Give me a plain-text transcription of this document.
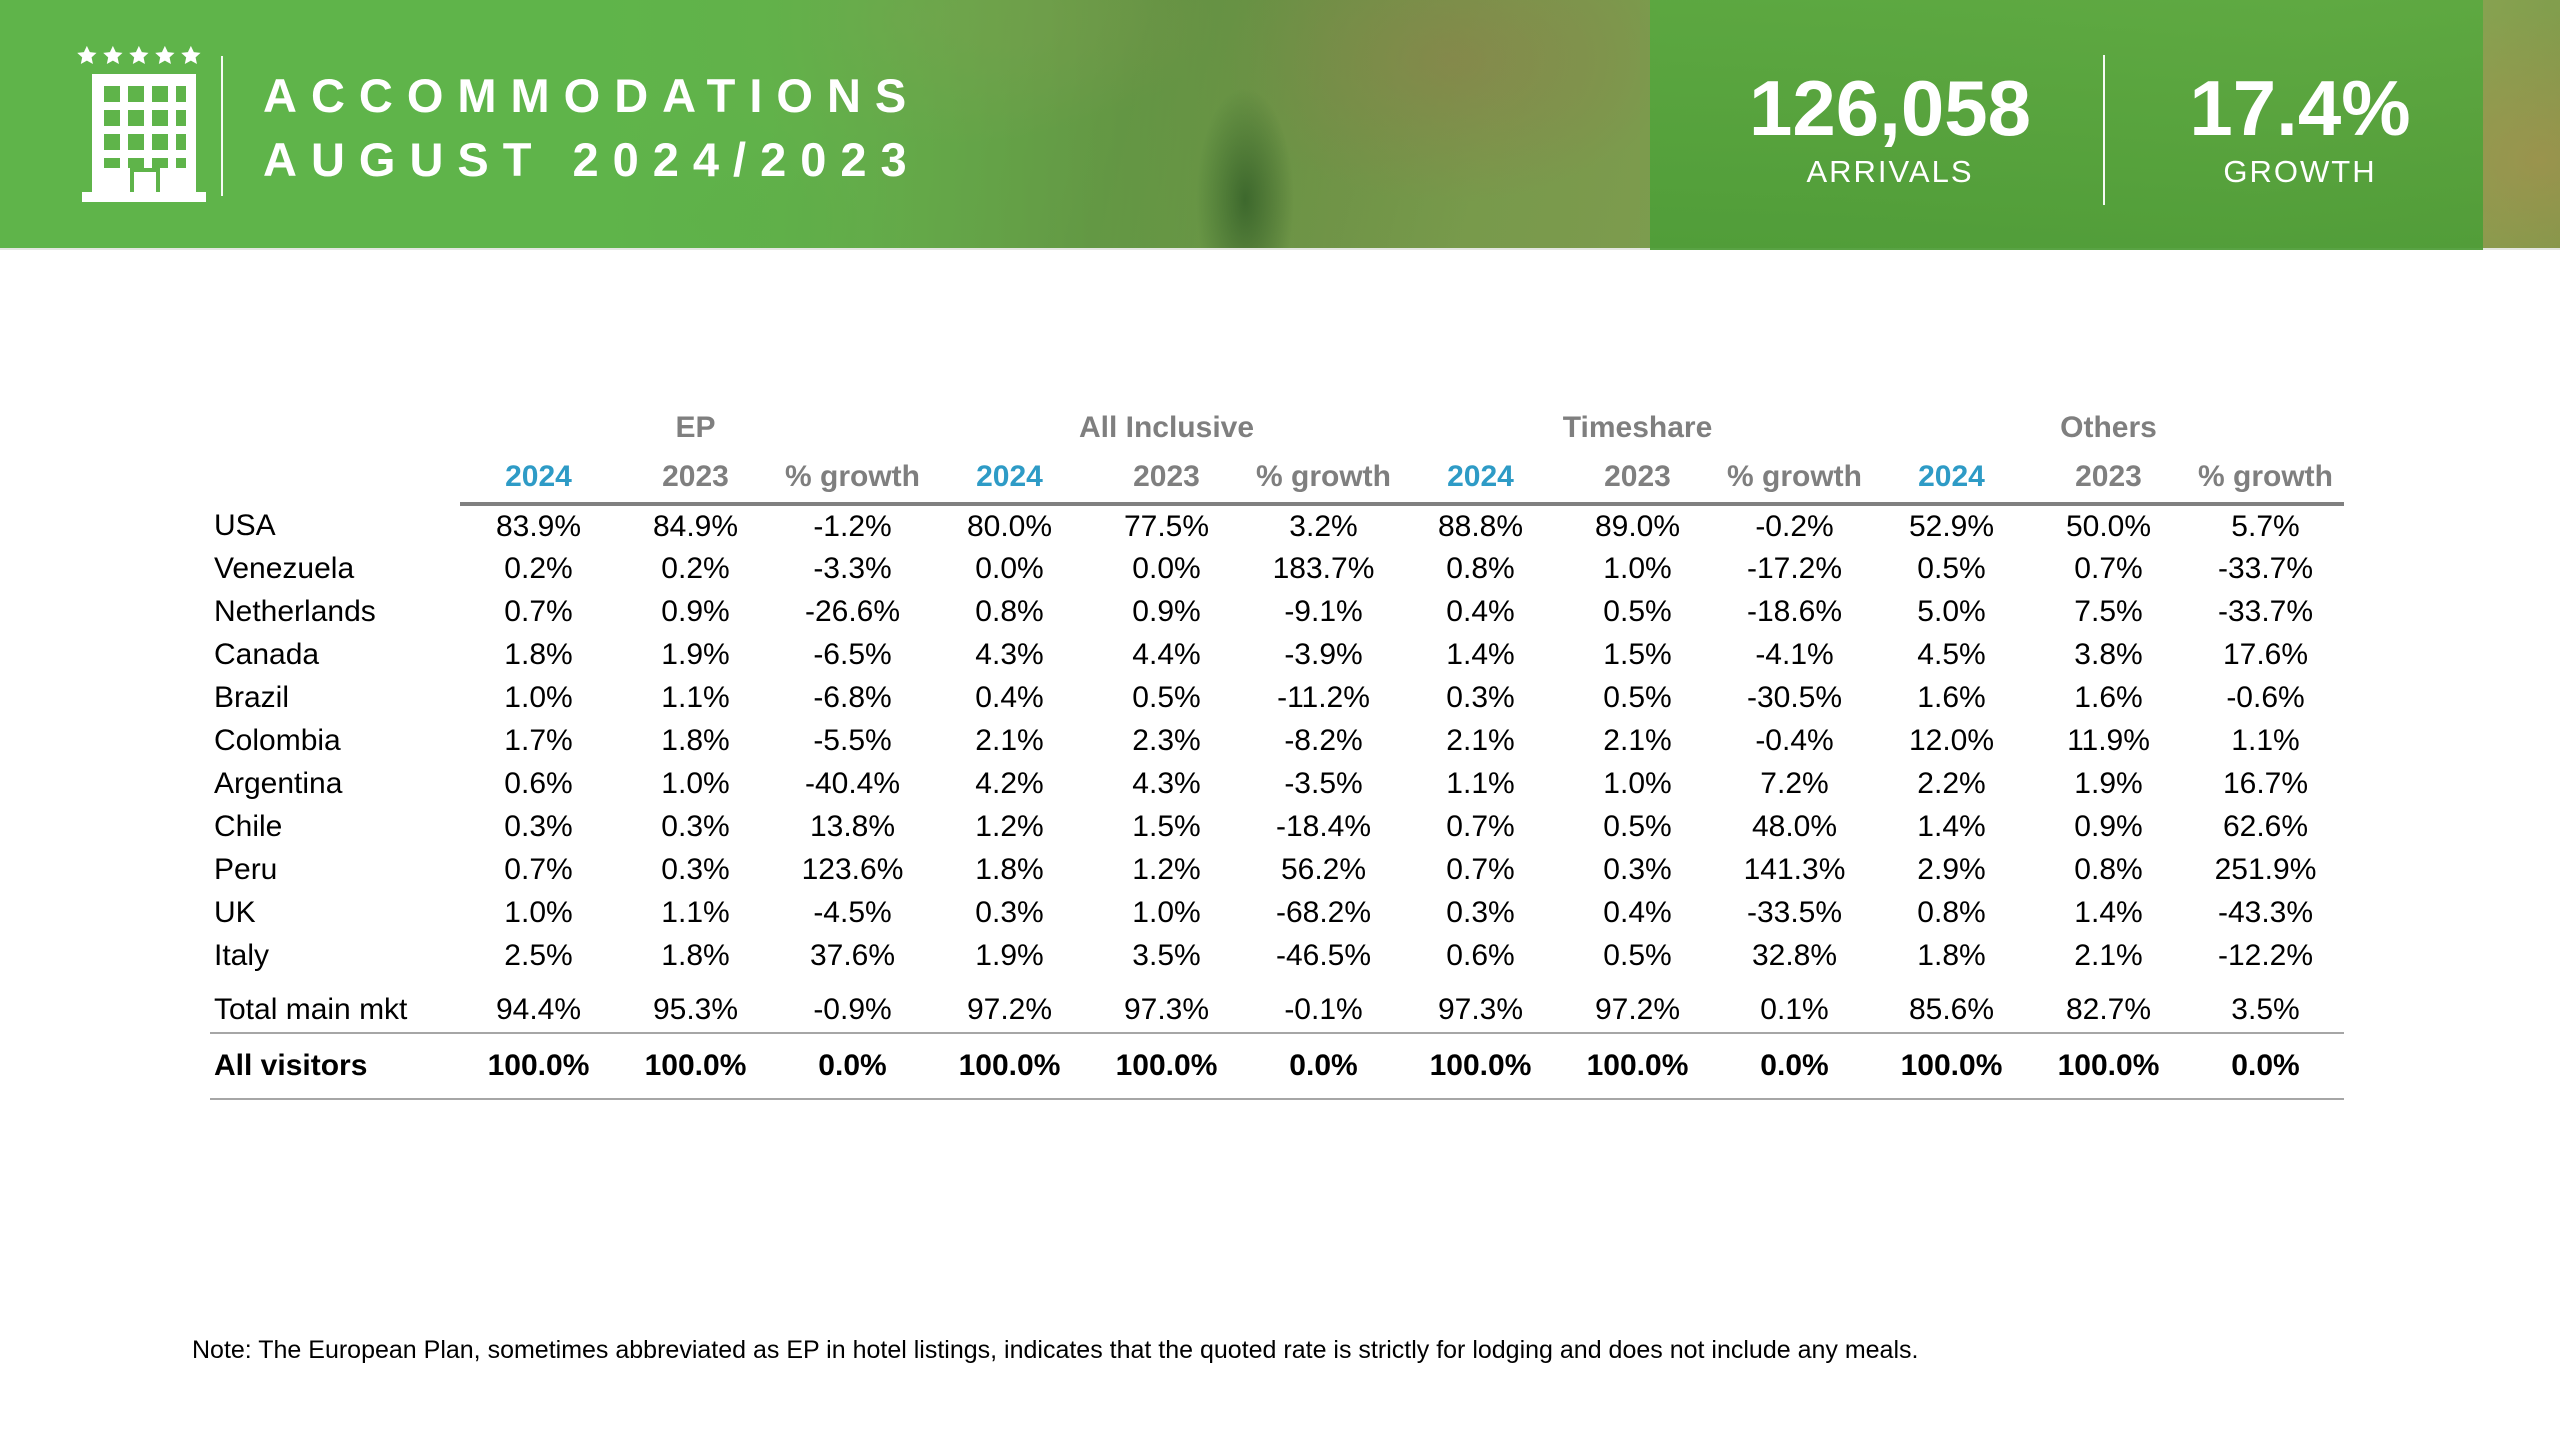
ACCOMMODATIONS
AUGUST 2024/2023
126,058
ARRIVALS
17.4%
GROWTH
	EP			All Inclusive			Timeshare			Others		
	2024	2023	% growth	2024	2023	% growth	2024	2023	% growth	2024	2023	% growth
USA	83.9%	84.9%	-1.2%	80.0%	77.5%	3.2%	88.8%	89.0%	-0.2%	52.9%	50.0%	5.7%
Venezuela	0.2%	0.2%	-3.3%	0.0%	0.0%	183.7%	0.8%	1.0%	-17.2%	0.5%	0.7%	-33.7%
Netherlands	0.7%	0.9%	-26.6%	0.8%	0.9%	-9.1%	0.4%	0.5%	-18.6%	5.0%	7.5%	-33.7%
Canada	1.8%	1.9%	-6.5%	4.3%	4.4%	-3.9%	1.4%	1.5%	-4.1%	4.5%	3.8%	17.6%
Brazil	1.0%	1.1%	-6.8%	0.4%	0.5%	-11.2%	0.3%	0.5%	-30.5%	1.6%	1.6%	-0.6%
Colombia	1.7%	1.8%	-5.5%	2.1%	2.3%	-8.2%	2.1%	2.1%	-0.4%	12.0%	11.9%	1.1%
Argentina	0.6%	1.0%	-40.4%	4.2%	4.3%	-3.5%	1.1%	1.0%	7.2%	2.2%	1.9%	16.7%
Chile	0.3%	0.3%	13.8%	1.2%	1.5%	-18.4%	0.7%	0.5%	48.0%	1.4%	0.9%	62.6%
Peru	0.7%	0.3%	123.6%	1.8%	1.2%	56.2%	0.7%	0.3%	141.3%	2.9%	0.8%	251.9%
UK	1.0%	1.1%	-4.5%	0.3%	1.0%	-68.2%	0.3%	0.4%	-33.5%	0.8%	1.4%	-43.3%
Italy	2.5%	1.8%	37.6%	1.9%	3.5%	-46.5%	0.6%	0.5%	32.8%	1.8%	2.1%	-12.2%
Total main mkt	94.4%	95.3%	-0.9%	97.2%	97.3%	-0.1%	97.3%	97.2%	0.1%	85.6%	82.7%	3.5%
All visitors	100.0%	100.0%	0.0%	100.0%	100.0%	0.0%	100.0%	100.0%	0.0%	100.0%	100.0%	0.0%
Note: The European Plan, sometimes abbreviated as EP in hotel listings, indicates that the quoted rate is strictly for lodging and does not include any meals.
